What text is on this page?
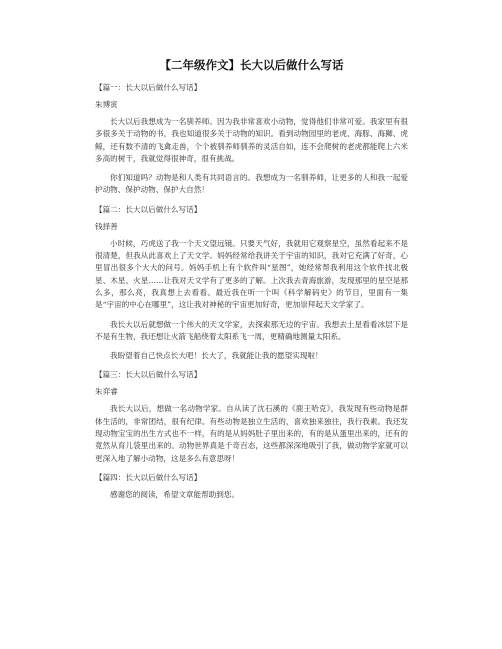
【二年级作文】长大以后做什么写话
【篇一：长大以后做什么写话】
朱博寅

长大以后我想成为一名驯养师。因为我非常喜欢小动物，觉得他们非常可爱。我家里有很多很多关于动物的书，我也知道很多关于动物的知识。看到动物园里的老虎、海豚、海狮、虎鲸，还有数不清的飞禽走兽，个个被驯养师驯养的灵活自如，连不会爬树的老虎都能爬上六米多高的树干，我就觉得很神奇，很有挑战。

你们知道吗？动物是和人类有共同语言的。我想成为一名驯养师，让更多的人和我一起爱护动物、保护动物、保护大自然！

【篇二：长大以后做什么写话】
钱择善

小时候，巧虎送了我一个天文望远镜。只要天气好，我就用它观察星空，虽然看起来不是很清楚，但我从此喜欢上了天文学。妈妈经常给我讲关于宇宙的知识，我对它充满了好奇，心里冒出很多个大大的问号。妈妈手机上有个软件叫“星图”，她经常帮我利用这个软件找北极星、木星、火星……让我对天文学有了更多的了解。上次我去青海旅游，发现那里的星空是那么多，那么亮，我真想上去看看。最近我在听一个叫《科学解码史》的节目，里面有一集是“宇宙的中心在哪里”，这让我对神秘的宇宙更加好奇，更加崇拜起天文学家了。

我长大以后就想做一个伟大的天文学家，去探索那无边的宇宙。我想去土星看看冰层下是不是有生物，我还想让火箭飞船绕着太阳系飞一周，更精确地测量太阳系。

我盼望着自己快点长大吧！长大了，我就能让我的愿望实现啦！

【篇三：长大以后做什么写话】
朱弈睿

我长大以后，想做一名动物学家。自从读了沈石溪的《鹿王哈克》，我发现有些动物是群体生活的，非常团结，很有纪律。有些动物是独立生活的，喜欢独来独往，我行我素。我还发现动物宝宝的出生方式也不一样，有的是从妈妈肚子里出来的，有的是从蛋里出来的，还有的竟然从育儿袋里出来的。动物世界真是千奇百态，这些都深深地吸引了我，做动物学家就可以更深入地了解小动物，这是多么有意思呀！

【篇四：长大以后做什么写话】

感谢您的阅读，希望文章能帮助到您。
